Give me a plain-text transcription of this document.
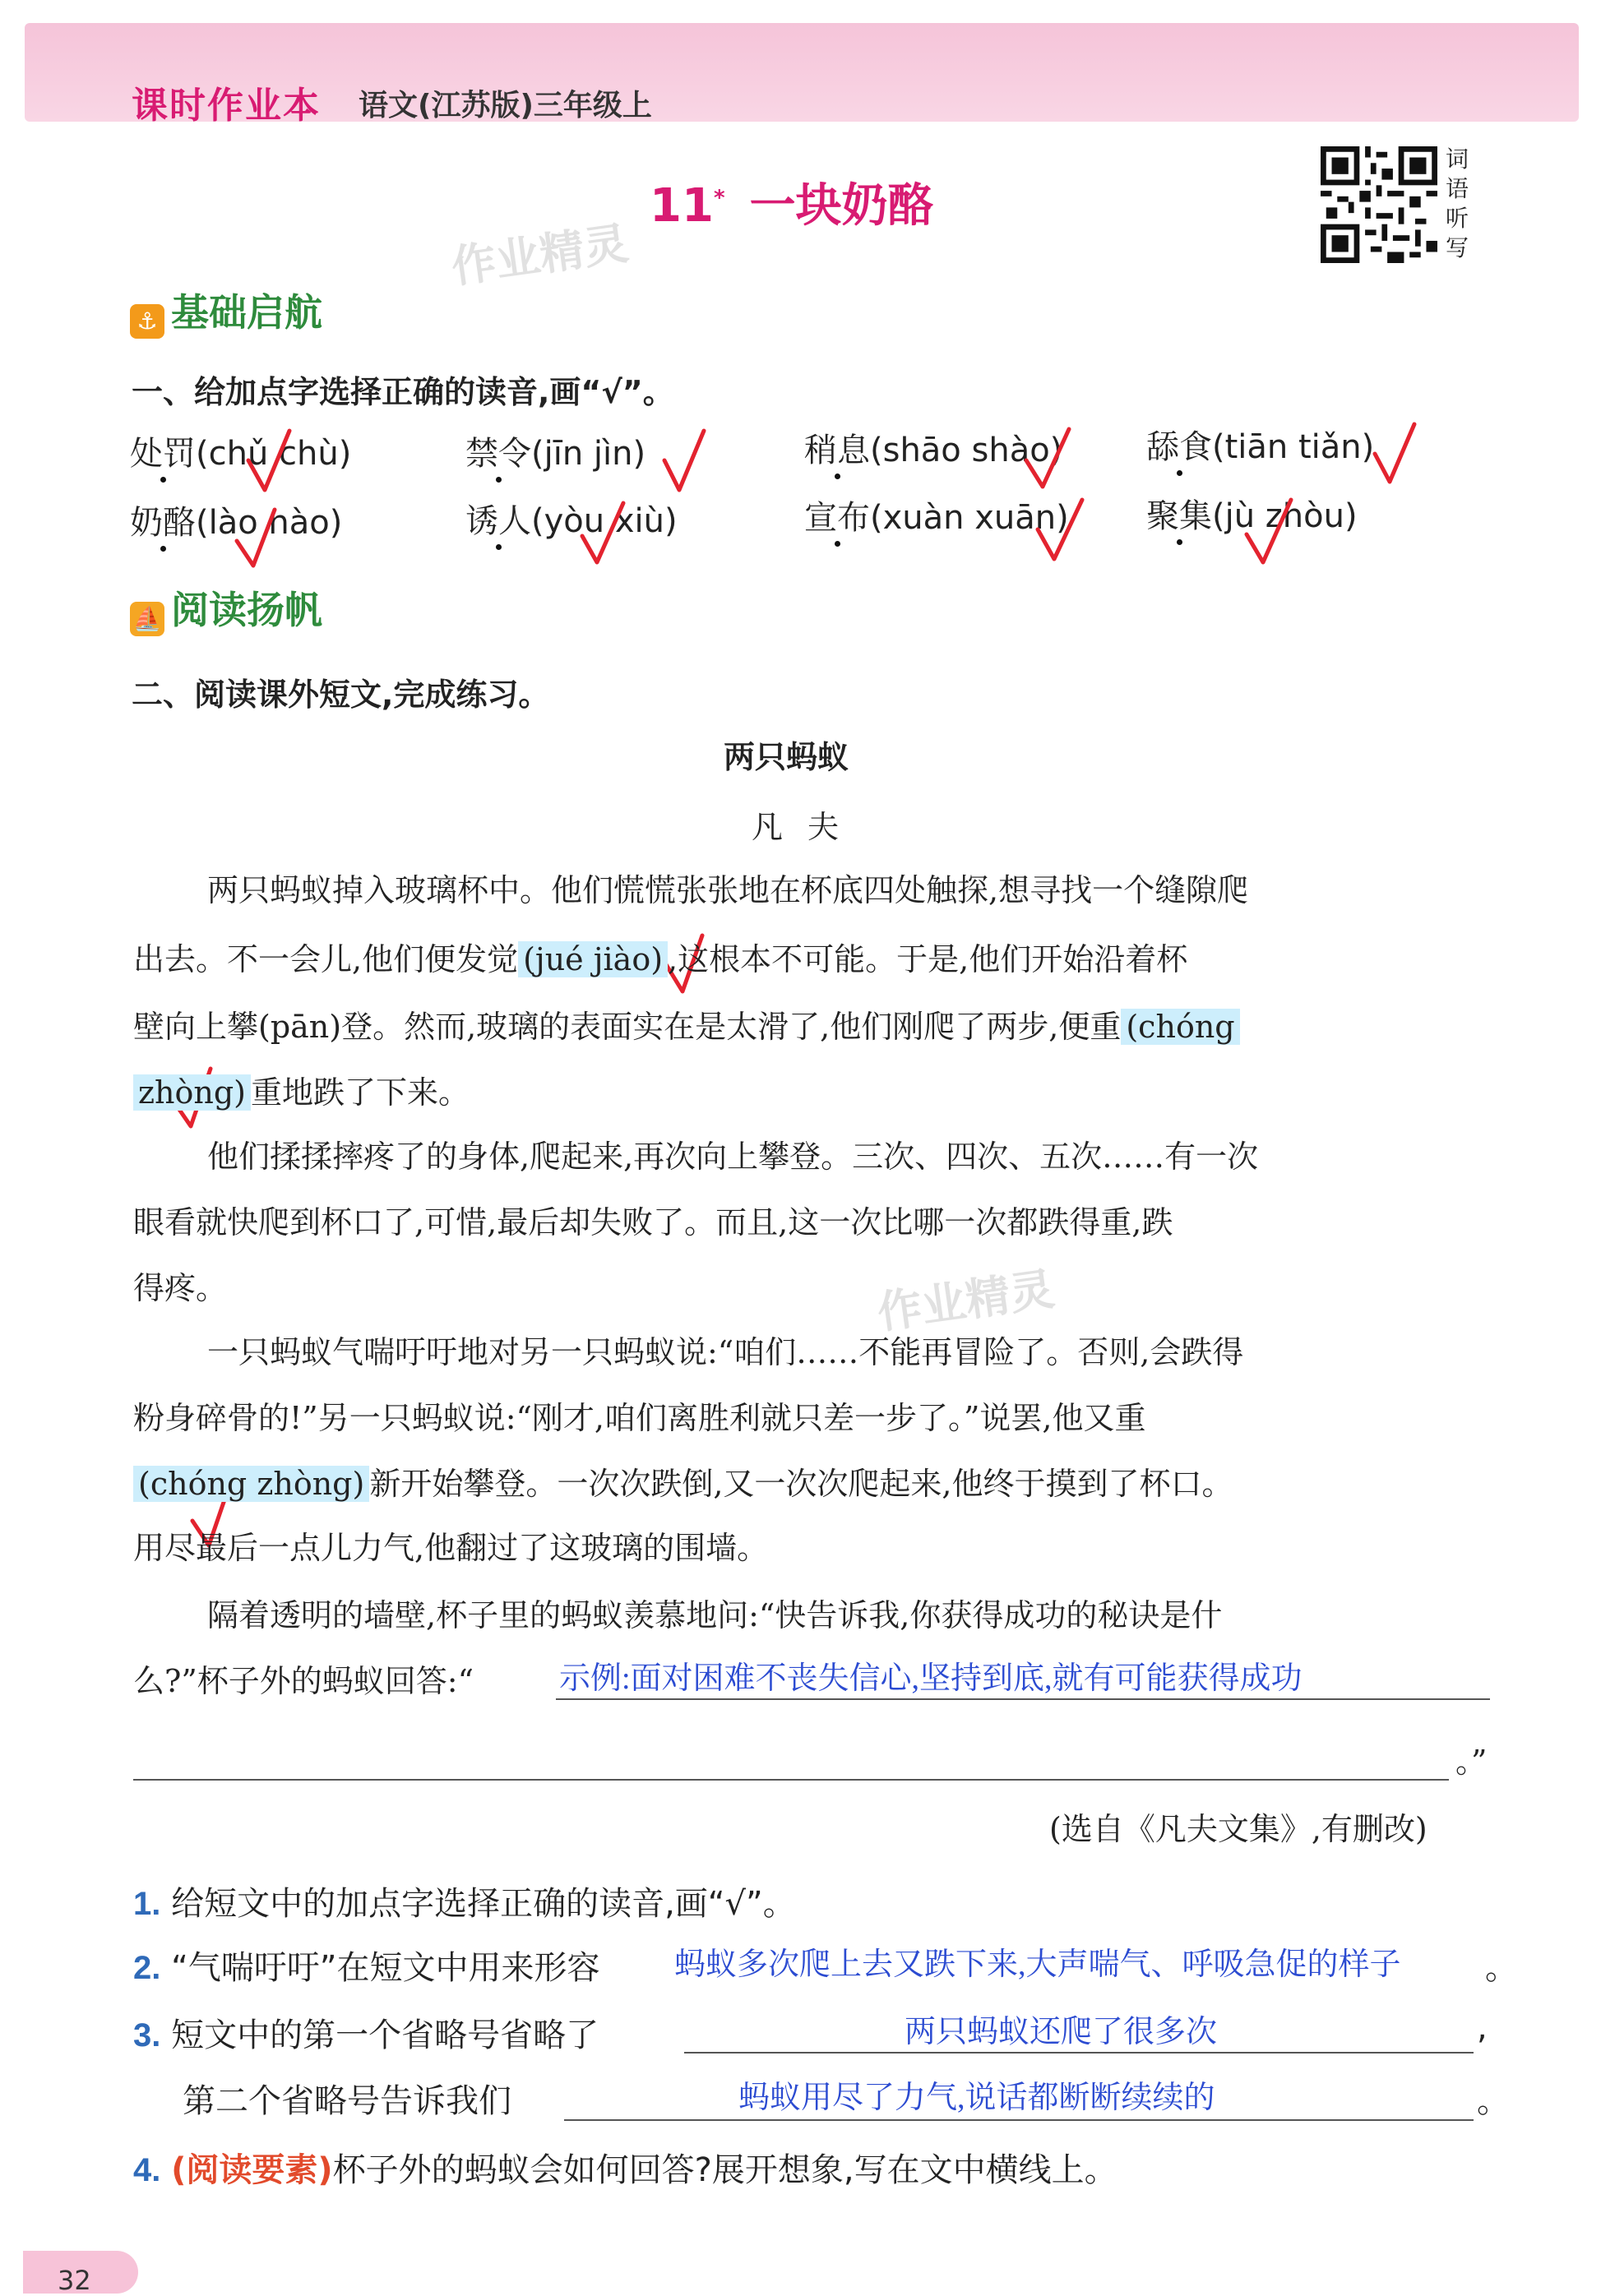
课时作业本 语文(江苏版)三年级上
11* 一块奶酪
词语听写
作业精灵
作业精灵
⚓ 基础启航
一、给加点字选择正确的读音,画“√”。
处罚(chǔ chù)	禁令(jīn jìn)	稍息(shāo shào)	舔食(tiān tiǎn)
奶酪(lào nào)	诱人(yòu xiù)	宣布(xuàn xuān) 聚集(jù zhòu)
⛵ 阅读扬帆
二、阅读课外短文,完成练习。
两只蚂蚁
凡夫
两只蚂蚁掉入玻璃杯中。他们慌慌张张地在杯底四处触探,想寻找一个缝隙爬
出去。不一会儿,他们便发觉 (jué jiào) ,这根本不可能。于是,他们开始沿着杯
壁向上攀(pān)登。然而,玻璃的表面实在是太滑了,他们刚爬了两步,便重 (chóng
zhòng) 重地跌了下来。
他们揉揉摔疼了的身体,爬起来,再次向上攀登。三次、四次、五次……有一次
眼看就快爬到杯口了,可惜,最后却失败了。而且,这一次比哪一次都跌得重,跌
得疼。
一只蚂蚁气喘吁吁地对另一只蚂蚁说:“咱们……不能再冒险了。否则,会跌得
粉身碎骨的!”另一只蚂蚁说:“刚才,咱们离胜利就只差一步了。”说罢,他又重
(chóng zhòng) 新开始攀登。一次次跌倒,又一次次爬起来,他终于摸到了杯口。
用尽最后一点儿力气,他翻过了这玻璃的围墙。
隔着透明的墙壁,杯子里的蚂蚁羡慕地问:“快告诉我,你获得成功的秘诀是什
么?”杯子外的蚂蚁回答:“	示例:面对困难不丧失信心,坚持到底,就有可能获得成功
。”
(选自《凡夫文集》,有删改)
1. 给短文中的加点字选择正确的读音,画“√”。
2. “气喘吁吁”在短文中用来形容 蚂蚁多次爬上去又跌下来,大声喘气、呼吸急促的样子	。
3. 短文中的第一个省略号省略了	两只蚂蚁还爬了很多次	,
第二个省略号告诉我们	蚂蚁用尽了力气,说话都断断续续的	。
4. (阅读要素)杯子外的蚂蚁会如何回答?展开想象,写在文中横线上。
32
